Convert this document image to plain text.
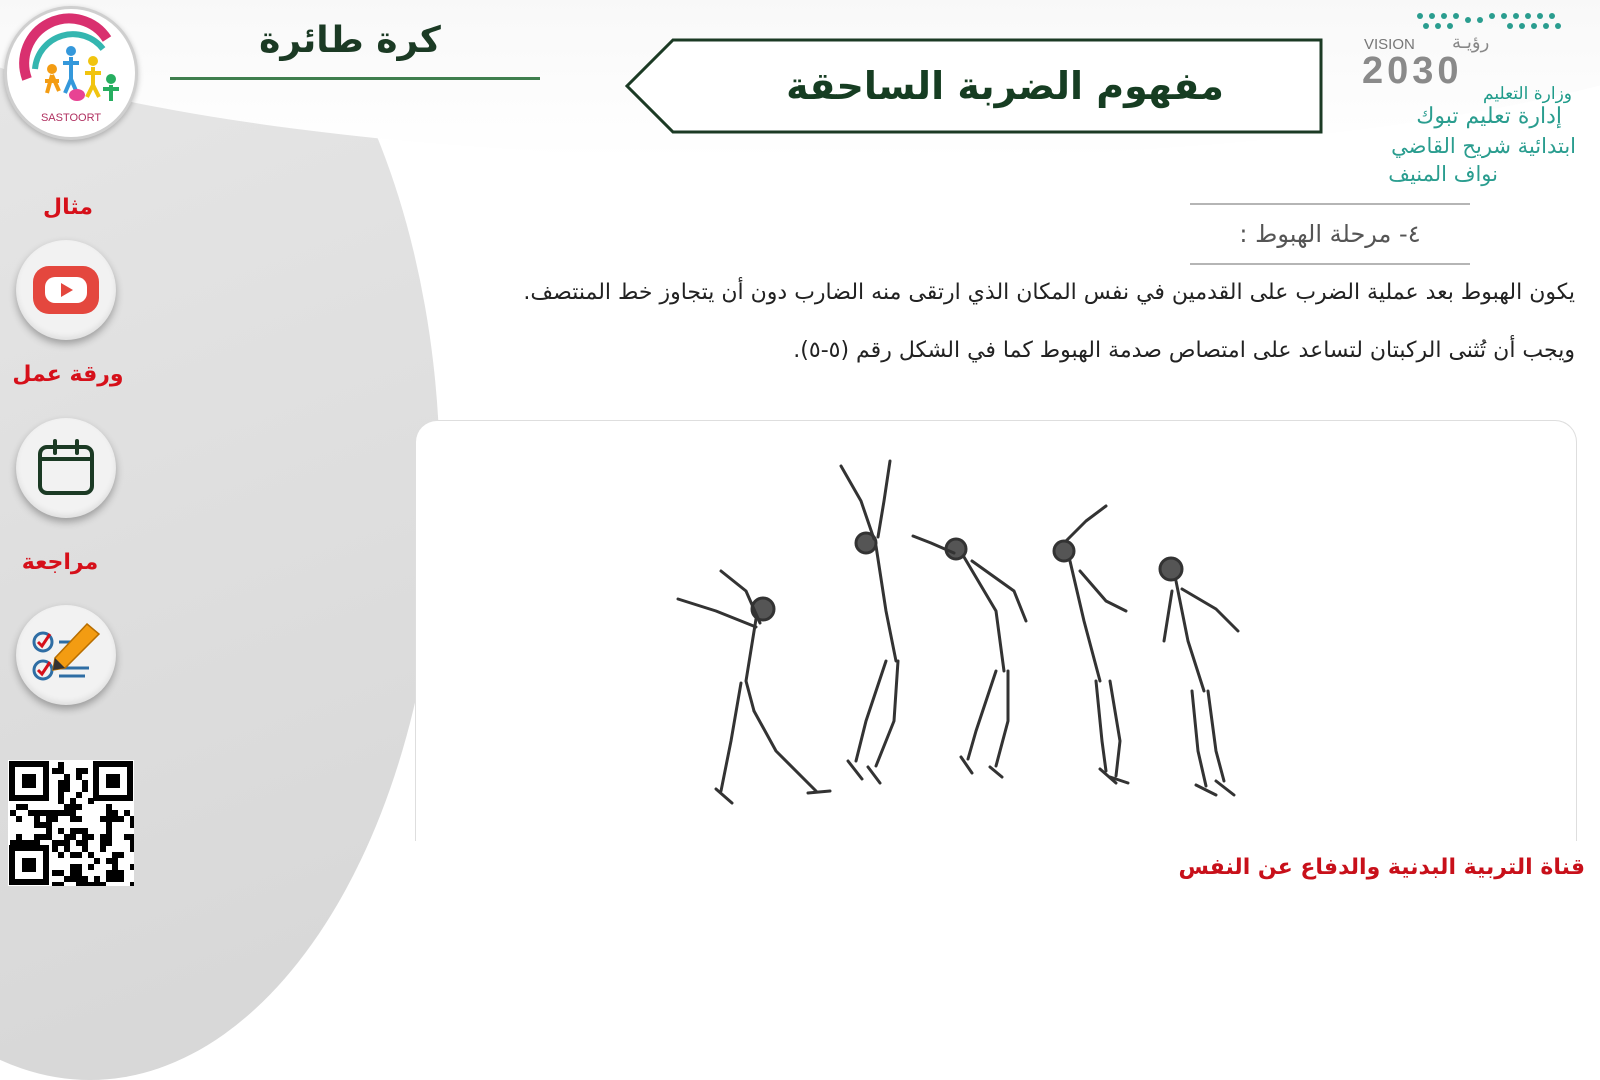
SASTOORT
كرة طائرة
مفهوم الضربة الساحقة
VISION رؤيـة
2030
وزارة التعليم
إدارة تعليم تبوك
ابتدائية شريح القاضي
نواف المنيف
مثال
ورقة عمل
مراجعة
٤- مرحلة الهبوط :
يكون الهبوط بعد عملية الضرب على القدمين في نفس المكان الذي ارتقى منه الضارب دون أن يتجاوز خط المنتصف.
ويجب أن تُثنى الركبتان لتساعد على امتصاص صدمة الهبوط كما في الشكل رقم (٥-٥).
قناة التربية البدنية والدفاع عن النفس
